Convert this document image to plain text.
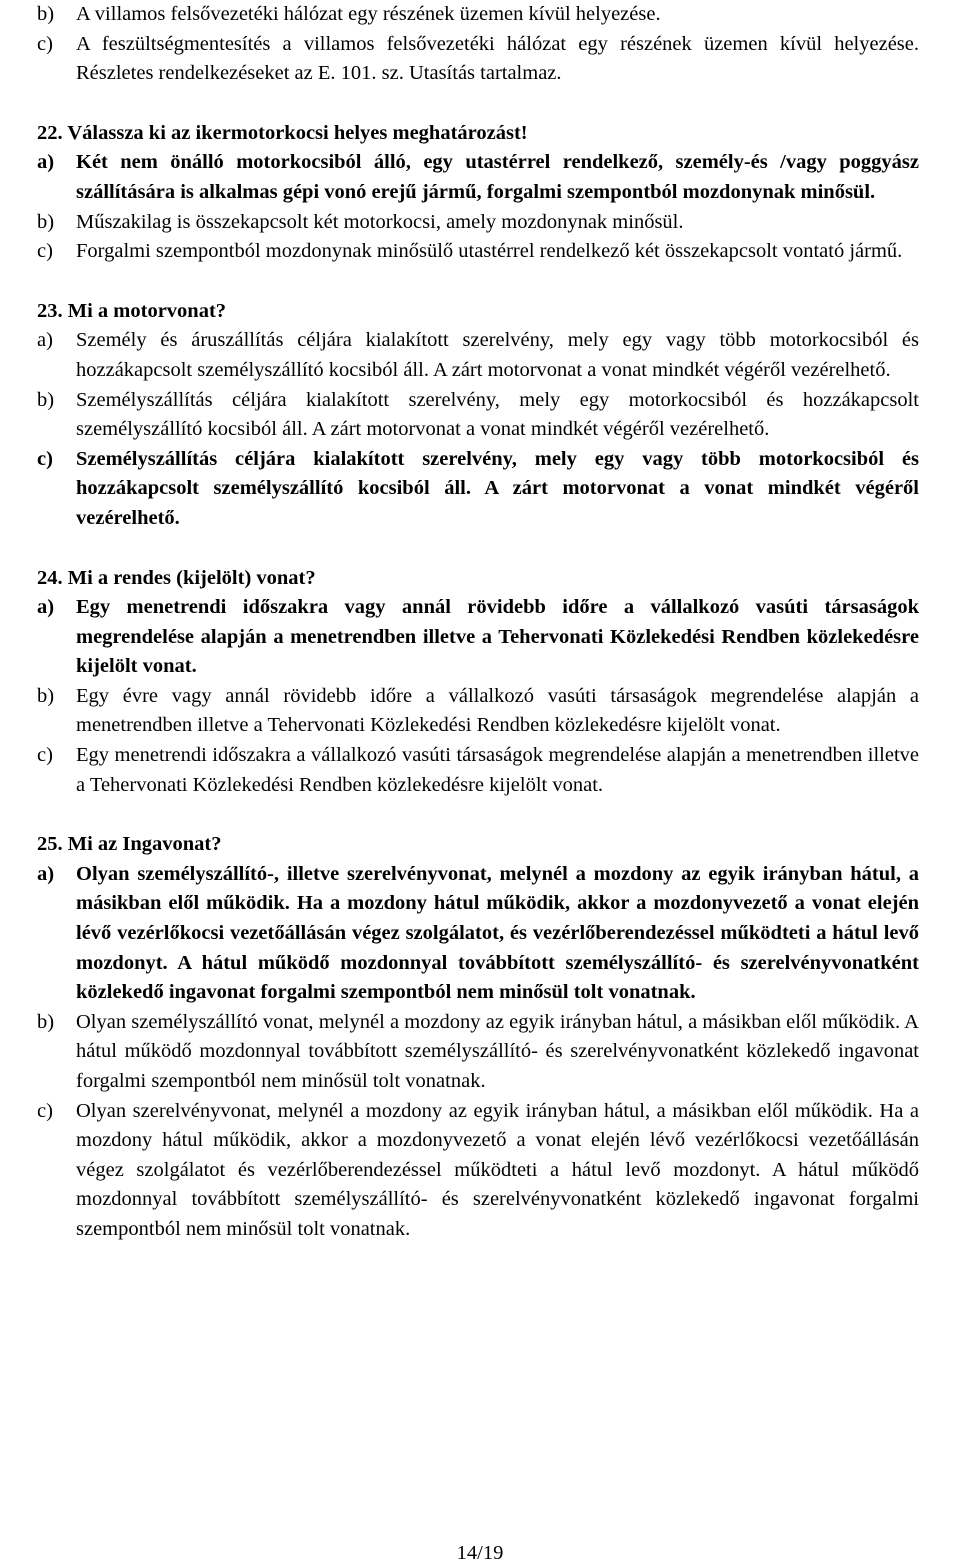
b)	A villamos felsővezetéki hálózat egy részének üzemen kívül helyezése.
c)	A feszültségmentesítés a villamos felsővezetéki hálózat egy részének üzemen kívül helyezése. Részletes rendelkezéseket az E. 101. sz. Utasítás tartalmaz.
22. Válassza ki az ikermotorkocsi helyes meghatározást!
a)	Két nem önálló motorkocsiból álló, egy utastérrel rendelkező, személy-és /vagy poggyász szállítására is alkalmas gépi vonó erejű jármű, forgalmi szempontból mozdonynak minősül.
b)	Műszakilag is összekapcsolt két motorkocsi, amely mozdonynak minősül.
c)	Forgalmi szempontból mozdonynak minősülő utastérrel rendelkező két összekapcsolt vontató jármű.
23. Mi a motorvonat?
a)	Személy és áruszállítás céljára kialakított szerelvény, mely egy vagy több motorkocsiból és hozzákapcsolt személyszállító kocsiból áll. A zárt motorvonat a vonat mindkét végéről vezérelhető.
b)	Személyszállítás céljára kialakított szerelvény, mely egy motorkocsiból és hozzákapcsolt személyszállító kocsiból áll. A zárt motorvonat a vonat mindkét végéről vezérelhető.
c)	Személyszállítás céljára kialakított szerelvény, mely egy vagy több motorkocsiból és hozzákapcsolt személyszállító kocsiból áll. A zárt motorvonat a vonat mindkét végéről vezérelhető.
24. Mi a rendes (kijelölt) vonat?
a)	Egy menetrendi időszakra vagy annál rövidebb időre a vállalkozó vasúti társaságok megrendelése alapján a menetrendben illetve a Tehervonati Közlekedési Rendben közlekedésre kijelölt vonat.
b)	Egy évre vagy annál rövidebb időre a vállalkozó vasúti társaságok megrendelése alapján a menetrendben illetve a Tehervonati Közlekedési Rendben közlekedésre kijelölt vonat.
c)	Egy menetrendi időszakra a vállalkozó vasúti társaságok megrendelése alapján a menetrendben illetve a Tehervonati Közlekedési Rendben közlekedésre kijelölt vonat.
25. Mi az Ingavonat?
a)	Olyan személyszállító-, illetve szerelvényvonat, melynél a mozdony az egyik irányban hátul, a másikban elől működik. Ha a mozdony hátul működik, akkor a mozdonyvezető a vonat elején lévő vezérlőkocsi vezetőállásán végez szolgálatot, és vezérlőberendezéssel működteti a hátul levő mozdonyt. A hátul működő mozdonnyal továbbított személyszállító- és szerelvényvonatként közlekedő ingavonat forgalmi szempontból nem minősül tolt vonatnak.
b)	Olyan személyszállító vonat, melynél a mozdony az egyik irányban hátul, a másikban elől működik. A hátul működő mozdonnyal továbbított személyszállító- és szerelvényvonatként közlekedő ingavonat forgalmi szempontból nem minősül tolt vonatnak.
c)	Olyan szerelvényvonat, melynél a mozdony az egyik irányban hátul, a másikban elől működik. Ha a mozdony hátul működik, akkor a mozdonyvezető a vonat elején lévő vezérlőkocsi vezetőállásán végez szolgálatot és vezérlőberendezéssel működteti a hátul levő mozdonyt. A hátul működő mozdonnyal továbbított személyszállító- és szerelvényvonatként közlekedő ingavonat forgalmi szempontból nem minősül tolt vonatnak.
14/19
